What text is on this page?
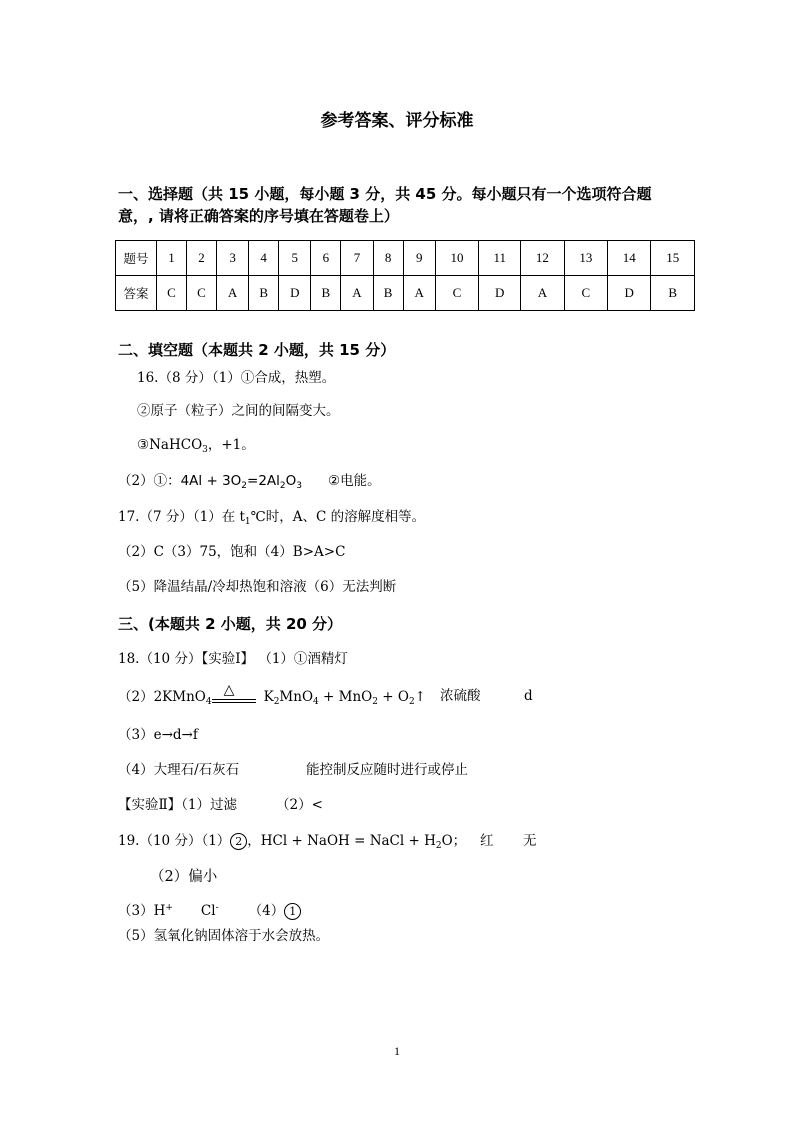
参考答案、评分标准
一、选择题（共 15 小题，每小题 3 分，共 45 分。每小题只有一个选项符合题
意，, 请将正确答案的序号填在答题卷上）
题号	1	2	3	4	5	6	7	8	9	10	11	12	13	14	15
答案	C	C	A	B	D	B	A	B	A	C	D	A	C	D	B
二、填空题（本题共 2 小题，共 15 分）
16.（8 分）（1）①合成，热塑。
②原子（粒子）之间的间隔变大。
③NaHCO$_3$，+1。
（2）①：$4Al + 3O_2=2Al_2O_3$ ②电能。
17.（7 分）（1）在 $t_1℃$时，A、C 的溶解度相等。
（2）C（3）75，饱和（4）B>A>C
（5）降温结晶/冷却热饱和溶液（6）无法判断
三、(本题共 2 小题，共 20 分）
18.（10 分）【实验Ⅰ】 （1）①酒精灯
（2）2KMnO$_4$
△ $K_2MnO_4 + MnO_2$ + $O_2↑$ 浓硫酸	d
（3）e→d→f
（4）大理石/石灰石	能控制反应随时进行或停止
【实验Ⅱ】（1）过滤	（2）<
19.（10 分）（1） 2 ，HCl + NaOH = NaCl + $H_2O$； 红 无
（2）偏小
（3）H+ Cl- （4） 1
（5）氢氧化钠固体溶于水会放热。
1
